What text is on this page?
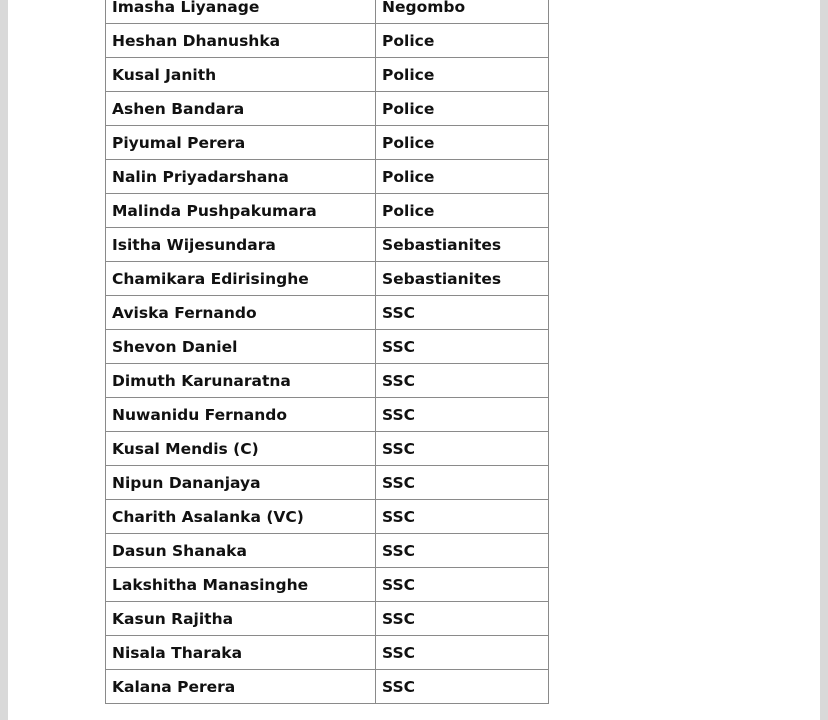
Imasha Liyanage	Negombo
Heshan Dhanushka	Police
Kusal Janith	Police
Ashen Bandara	Police
Piyumal Perera	Police
Nalin Priyadarshana	Police
Malinda Pushpakumara	Police
Isitha Wijesundara	Sebastianites
Chamikara Edirisinghe	Sebastianites
Aviska Fernando	SSC
Shevon Daniel	SSC
Dimuth Karunaratna	SSC
Nuwanidu Fernando	SSC
Kusal Mendis (C)	SSC
Nipun Dananjaya	SSC
Charith Asalanka (VC)	SSC
Dasun Shanaka	SSC
Lakshitha Manasinghe	SSC
Kasun Rajitha	SSC
Nisala Tharaka	SSC
Kalana Perera	SSC
